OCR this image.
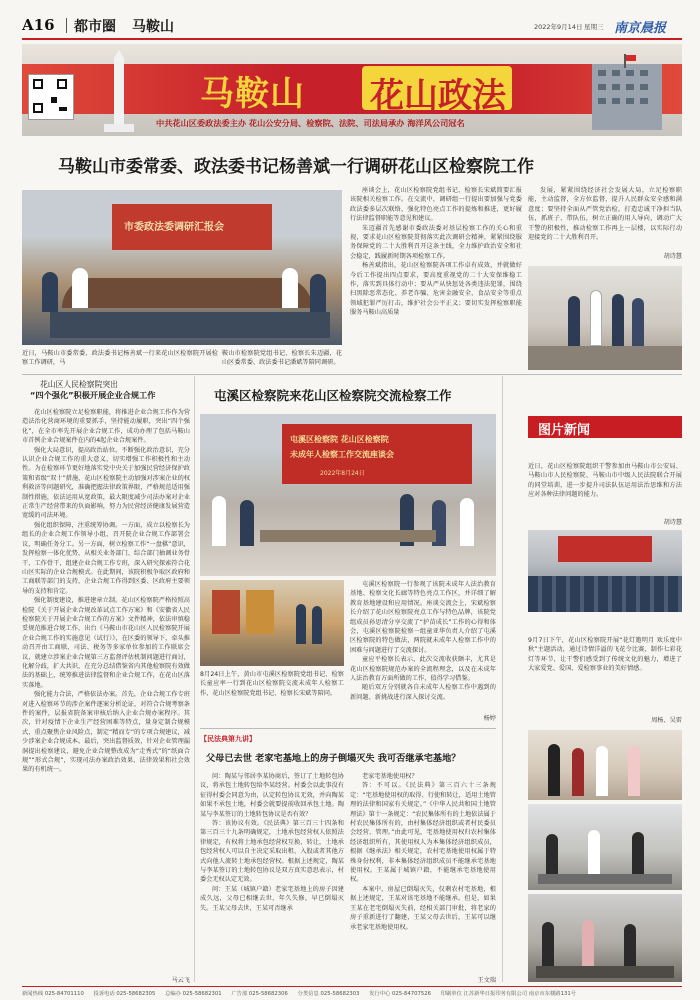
A16 都市圈 马鞍山	2022年9月14日 星期三 南京晨报
马鞍山 花山政法
中共花山区委政法委主办 花山公安分局、检察院、法院、司法局承办 海洋风公司冠名
马鞍山市委常委、政法委书记杨善斌一行调研花山区检察院工作
市委政法委调研汇报会
近日，马鞍山市委常委、政法委书记杨善斌一行来花山区检察院开展检察工作调研，马
鞍山市检察院党组书记、检察长朱迈疆，花山区委常委、政法委书记潘斌等陪同调研。

座谈会上，花山区检察院党组书记、检察长宋斌简要汇报该院相关检察工作。在交流中，调研组一行提出要加强与党委政法委多层次联络，强化特色亮点工作的提炼和推进，更好履行法律监督职能等意见和建议。

朱迈疆首先感谢市委政法委对基层检察工作的关心和重视，要求花山区检察院贯彻落实此次调研会精神，紧紧围绕服务保障党的二十大胜利召开这条主线，全力维护政治安全和社会稳定，践履新时期各项检察工作。

杨善斌指出，花山区检察院各项工作卓有成效，并就做好今后工作提出四点要求，要高度重视党的二十大安保维稳工作，落实到具体行动中；要从严从快惩处各类违法犯罪，围绕扫黑除恶常态化、养老诈骗、危害金融安全、食品安全等重点领域犯罪严厉打击，维护社会公平正义；要切实发挥检察职能服务马鞍山高质量

发展，紧紧围绕经济社会发展大局，立足检察职能，主动监督，全方位监督，提升人民群众安全感和满意度；要坚持全面从严管党治检，打造忠诚干净担当队伍，抓班子、带队伍，树立正确的用人导向，调动广大干警的积极性，推动检察工作再上一层楼，以实际行动迎接党的二十大胜利召开。

胡诗慧
花山区人民检察院突出
“四个强化”积极开展企业合规工作

花山区检察院立足检察职能，将推进企业合规工作作为营造法治化营商环境的重要抓手，坚持能动履职，突出“四个强化”，在全市率先开展企业合规工作，成功办理了包括马鞍山市首例企业合规案件在内的4起企业合规案件。

强化大局意识，提高政治站位。不断强化政治意识，充分认识企业合规工作的重大意义，切实增强工作积极性和主动性。为在检察环节更好地落实党中央关于加强民营经济保护政策和省级“双十”措施，花山区检察院主动加强对涉案企业的权利救济等问题研究，准确把握法律政策界限，严格规范适用强制性措施，依法运用从宽政策，最大限度减少司法办案对企业正常生产经营带来的负面影响，努力为民营经济健康发展营造宽缓的司法环境。

强化组织保障，注重统筹协调。一方面，成立以检察长为组长的企业合规工作领导小组，召开院企业合规工作部署会议，明确任务分工。另一方面，树立检察工作“一盘棋”意识，发挥检察一体化优势，从相关业务部门、综合部门抽调业务骨干、工作骨干，组建企业合规工作专班，深入研究探索符合花山区实际的企业合规模式。在此期间，该院积极争取区政府和工商联等部门的支持，企业合规工作得到区委、区政府主要领导的支持和肯定。

强化制度建设，推进建章立制。花山区检察院严格按照高检院《关于开展企业合规改革试点工作方案》和《安徽省人民检察院关于开展企业合规工作的方案》文件精神，依法审慎稳妥规范推进合规工作，出台《马鞍山市花山区人民检察院开展企业合规工作的实施意见（试行）》，在区委的领导下，牵头推动召开由工商联、司法、税务等多家单位参加的工作联席会议，就建立涉案企业合规第三方监督评估机制问题进行商讨，化解分歧，扩大共识，在充分总结借鉴省内其他检察院有效做法的基础上，统筹推进法律监督和企业合规工作，在花山区落实落地。

强化能力合法，严格依法办案。首先，企业合规工作专班对进入检察环节的涉企案件逐案分析论证，对符合合规考察条件的案件，层报省院备案审核后纳入企业合规办案程序。其次，针对疫情下企业生产经营困难等特点，量身定制合规模式，重点聚焦企业风险点，制定“精而专”的专项合规建议，减少涉案企业合规成本。最后，突出监督质效，针对企业管理漏洞提出检察建议，避免企业合规整改成为“走秀式”的“纸面合规”“形式合规”，实现司法办案政治效果、法律效果和社会效果的有机统一。

马云飞
屯溪区检察院来花山区检察院交流检察工作
屯溪区检察院 花山区检察院
未成年人检察工作交流座谈会
2022年8月24日
8月24日上午，黄山市屯溪区检察院党组书记、检察长童应率一行到花山区检察院交流未成年人检察工作，花山区检察院党组书记、检察长宋斌等陪同。

屯溪区检察院一行参观了该院未成年人法治教育基地、检察文化长廊等特色亮点工作区，并详细了解教育基地建设和应用情况。座谈交流会上，宋斌检察长介绍了花山区检察院亮点工作与特色品牌，该院党组成员孙思清分享交流了“护苗成长”工作的心得和体会，屯溪区检察院检察一组童亚华负责人介绍了屯溪区检察院的特色做法，两院就未成年人检察工作中的困难与问题进行了交流探讨。

童应平检察长表示，此次交流收获颇丰，尤其是花山区检察院规范办案的全流程理念，以及在未成年人法治教育方面所做的工作，值得学习借鉴。

随后双方分别就各自未成年人检察工作中遇到的新问题、新挑战进行深入探讨交流。

杨婷
【民法典第九讲】
父母已去世 老家宅基地上的房子倒塌灭失 我可否继承宅基地？

问：陶某与邻居李某协商后，签订了土地转包协议，将承包土地转包给李某经营。村委会以此事没有征得村委会同意为由，认定转包协议无效，并向陶某如果不承包土地，村委会就要提前收回承包土地。陶某与李某签订的土地转包协议是否有效？

答：该协议有效。《民法典》第三百三十四条和第三百三十九条明确规定，土地承包经营权人依照法律规定，有权将土地承包经营权互换、转让，土地承包经营权人可以自主决定采取出租、入股或者其他方式向他人流转土地承包经营权。根据上述规定，陶某与李某签订的土地转包协议是双方真实意思表示，村委会无权认定无效。

问：王某（城镇户籍）老家宅基地上的房子因建成久远，父母已相继去世，年久失修，早已倒塌灭失。王某父母去世，王某可否继承

老家宅基地使用权？

答：不可以。《民法典》第三百六十三条规定：“宅基地使用权的取得、行使和转让，适用土地管理的法律和国家有关规定。”《中华人民共和国土地管理法》第十一条规定：“农民集体所有的土地依法属于村农民集体所有的，由村集体经济组织或者村民委员会经营、管理。”由此可见，宅基地使用权归农村集体经济组织所有，其使用权人为本集体经济组织成员，根据《继承法》相关规定，农村宅基地使用权属于特殊身份权利，非本集体经济组织成员不能继承宅基地使用权。王某属于城镇户籍，不能继承宅基地使用权。

本案中，房屋已倒塌灭失，仅剩农村宅基地，根据上述规定，王某对该宅基地不能继承。但是，如果王某在老宅倒塌灭失前，经相关部门审批，将老家的房子重新进行了翻建，王某父母去世后，王某可以继承老家宅基地使用权。

王文瑞
图片新闻
近日，花山区检察院组织干警参加由马鞍山市公安局、马鞍山市人民检察院、马鞍山市中级人民法院联合开展的同堂培训，进一步提升司法队伍运用法治思维和方法应对各种法律问题的能力。
胡诗慧
9月7日下午，花山区检察院开展“花灯邀明月 欢乐度中秋”主题活动，通过诗情洋溢的飞花令比赛，制作七彩花灯等环节，让干警们感受到了传统文化的魅力，增进了大家爱党、爱国、爱检察事业的美好情感。
周杨、吴雷
新闻热线 025-84701110 投诉电话 025-58682305 总编办 025-58682301 广告部 025-58682306 分类信息 025-58682303 发行中心 025-84707526 印刷单位 江苏新华日报印务有限公司 南京市东楼路131号
